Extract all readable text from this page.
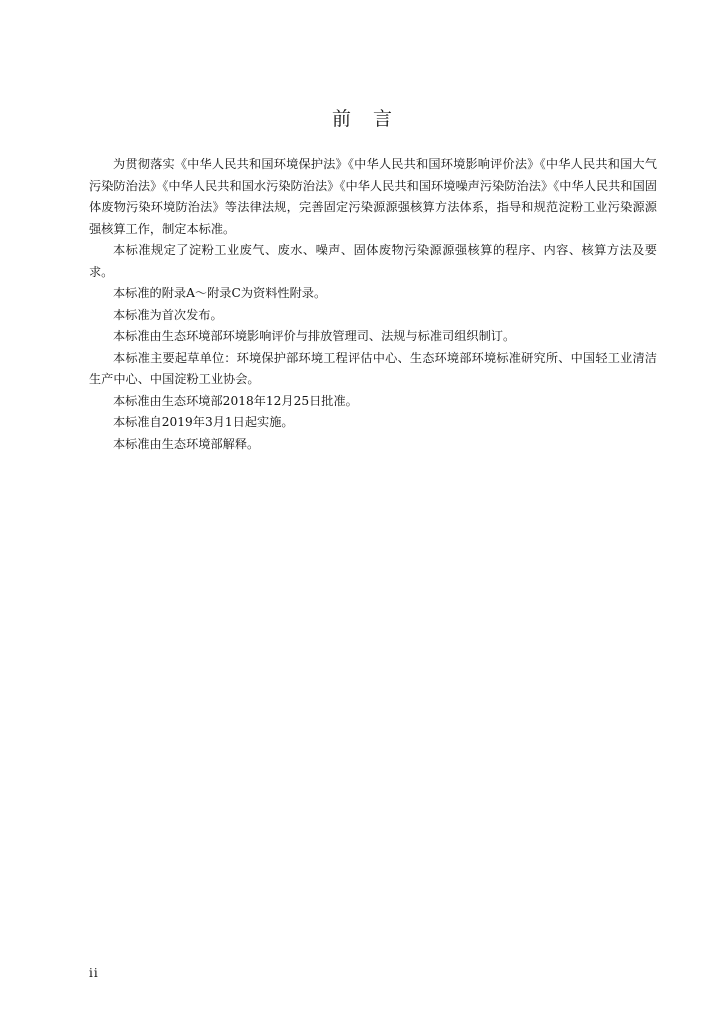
前言

为贯彻落实《中华人民共和国环境保护法》《中华人民共和国环境影响评价法》《中华人民共和国大气污染防治法》《中华人民共和国水污染防治法》《中华人民共和国环境噪声污染防治法》《中华人民共和国固体废物污染环境防治法》等法律法规，完善固定污染源源强核算方法体系，指导和规范淀粉工业污染源源强核算工作，制定本标准。

本标准规定了淀粉工业废气、废水、噪声、固体废物污染源源强核算的程序、内容、核算方法及要求。

本标准的附录A～附录C为资料性附录。

本标准为首次发布。

本标准由生态环境部环境影响评价与排放管理司、法规与标准司组织制订。

本标准主要起草单位：环境保护部环境工程评估中心、生态环境部环境标准研究所、中国轻工业清洁生产中心、中国淀粉工业协会。

本标准由生态环境部2018年12月25日批准。

本标准自2019年3月1日起实施。

本标准由生态环境部解释。

ii
